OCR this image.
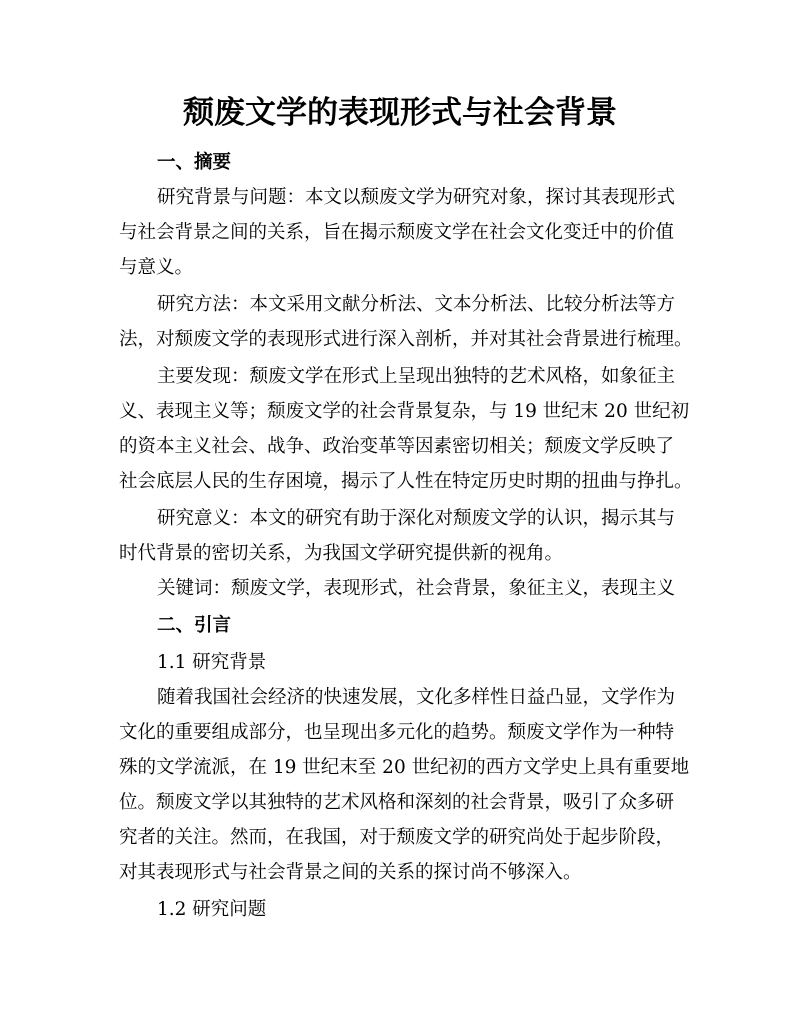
颓废文学的表现形式与社会背景

一、摘要

研究背景与问题：本文以颓废文学为研究对象，探讨其表现形式

与社会背景之间的关系，旨在揭示颓废文学在社会文化变迁中的价值

与意义。

研究方法：本文采用文献分析法、文本分析法、比较分析法等方

法，对颓废文学的表现形式进行深入剖析，并对其社会背景进行梳理。

主要发现：颓废文学在形式上呈现出独特的艺术风格，如象征主

义、表现主义等；颓废文学的社会背景复杂，与 19 世纪末 20 世纪初

的资本主义社会、战争、政治变革等因素密切相关；颓废文学反映了

社会底层人民的生存困境，揭示了人性在特定历史时期的扭曲与挣扎。

研究意义：本文的研究有助于深化对颓废文学的认识，揭示其与

时代背景的密切关系，为我国文学研究提供新的视角。

关键词：颓废文学，表现形式，社会背景，象征主义，表现主义

二、引言

1.1 研究背景

随着我国社会经济的快速发展，文化多样性日益凸显，文学作为

文化的重要组成部分，也呈现出多元化的趋势。颓废文学作为一种特

殊的文学流派，在 19 世纪末至 20 世纪初的西方文学史上具有重要地

位。颓废文学以其独特的艺术风格和深刻的社会背景，吸引了众多研

究者的关注。然而，在我国，对于颓废文学的研究尚处于起步阶段，

对其表现形式与社会背景之间的关系的探讨尚不够深入。

1.2 研究问题
